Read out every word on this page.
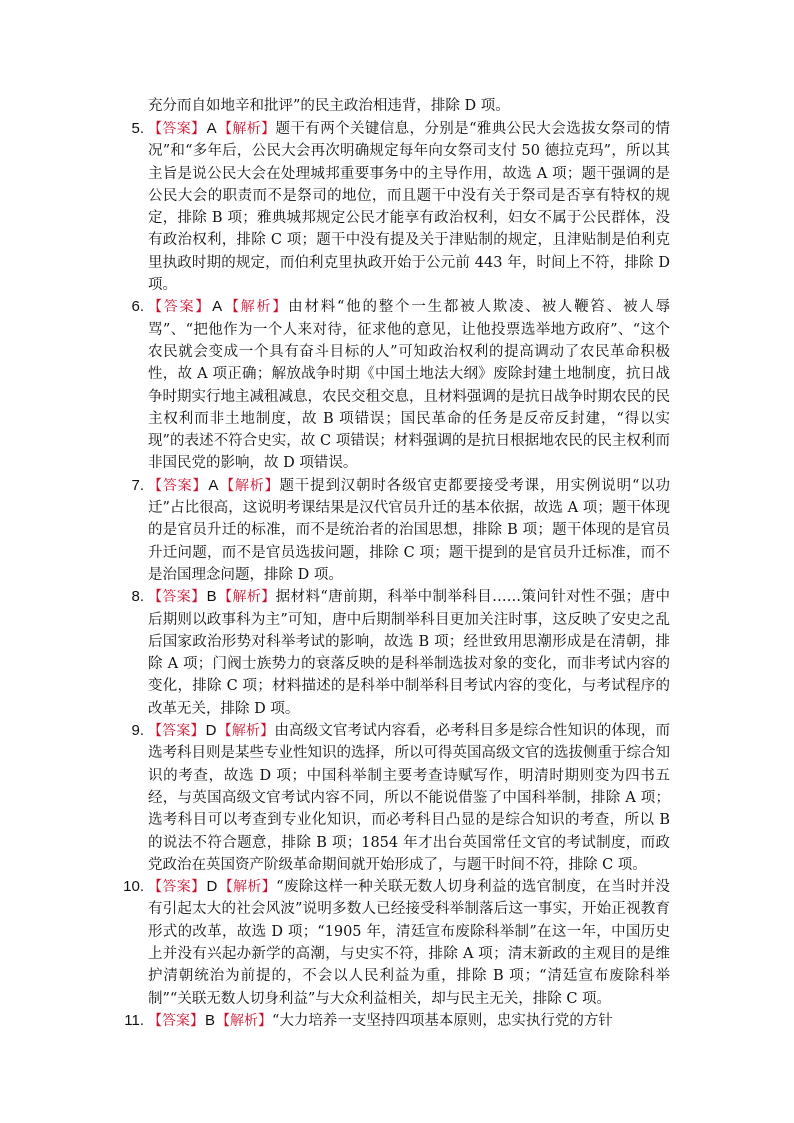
充分而自如地辛和批评”的民主政治相违背，排除 D 项。

5. 【答案】A【解析】题干有两个关键信息，分别是“雅典公民大会选拔女祭司的情况”和“多年后，公民大会再次明确规定每年向女祭司支付 50 德拉克玛”，所以其主旨是说公民大会在处理城邦重要事务中的主导作用，故选 A 项；题干强调的是公民大会的职责而不是祭司的地位，而且题干中没有关于祭司是否享有特权的规定，排除 B 项；雅典城邦规定公民才能享有政治权利，妇女不属于公民群体，没有政治权利，排除 C 项；题干中没有提及关于津贴制的规定，且津贴制是伯利克里执政时期的规定，而伯利克里执政开始于公元前 443 年，时间上不符，排除 D 项。

6. 【答案】A【解析】由材料“他的整个一生都被人欺凌、被人鞭笞、被人辱骂”、“把他作为一个人来对待，征求他的意见，让他投票选举地方政府”、“这个农民就会变成一个具有奋斗目标的人”可知政治权利的提高调动了农民革命积极性，故 A 项正确；解放战争时期《中国土地法大纲》废除封建土地制度，抗日战争时期实行地主减租减息，农民交租交息，且材料强调的是抗日战争时期农民的民主权利而非土地制度，故 B 项错误；国民革命的任务是反帝反封建，“得以实现”的表述不符合史实，故 C 项错误；材料强调的是抗日根据地农民的民主权利而非国民党的影响，故 D 项错误。

7. 【答案】A【解析】题干提到汉朝时各级官吏都要接受考课，用实例说明“以功迁”占比很高，这说明考课结果是汉代官员升迁的基本依据，故选 A 项；题干体现的是官员升迁的标准，而不是统治者的治国思想，排除 B 项；题干体现的是官员升迁问题，而不是官员选拔问题，排除 C 项；题干提到的是官员升迁标准，而不是治国理念问题，排除 D 项。

8. 【答案】B【解析】据材料“唐前期，科举中制举科目……策问针对性不强；唐中后期则以政事科为主”可知，唐中后期制举科目更加关注时事，这反映了安史之乱后国家政治形势对科举考试的影响，故选 B 项；经世致用思潮形成是在清朝，排除 A 项；门阀士族势力的衰落反映的是科举制选拔对象的变化，而非考试内容的变化，排除 C 项；材料描述的是科举中制举科目考试内容的变化，与考试程序的改革无关，排除 D 项。

9. 【答案】D【解析】由高级文官考试内容看，必考科目多是综合性知识的体现，而选考科目则是某些专业性知识的选择，所以可得英国高级文官的选拔侧重于综合知识的考查，故选 D 项；中国科举制主要考查诗赋写作，明清时期则变为四书五经，与英国高级文官考试内容不同，所以不能说借鉴了中国科举制，排除 A 项；选考科目可以考查到专业化知识，而必考科目凸显的是综合知识的考查，所以 B 的说法不符合题意，排除 B 项；1854 年才出台英国常任文官的考试制度，而政党政治在英国资产阶级革命期间就开始形成了，与题干时间不符，排除 C 项。

10. 【答案】D【解析】“废除这样一种关联无数人切身利益的选官制度，在当时并没有引起太大的社会风波”说明多数人已经接受科举制落后这一事实，开始正视教育形式的改革，故选 D 项；“1905 年，清廷宣布废除科举制”在这一年，中国历史上并没有兴起办新学的高潮，与史实不符，排除 A 项；清末新政的主观目的是维护清朝统治为前提的，不会以人民利益为重，排除 B 项；“清廷宣布废除科举制”“关联无数人切身利益”与大众利益相关，却与民主无关，排除 C 项。

11. 【答案】B【解析】“大力培养一支坚持四项基本原则，忠实执行党的方针
